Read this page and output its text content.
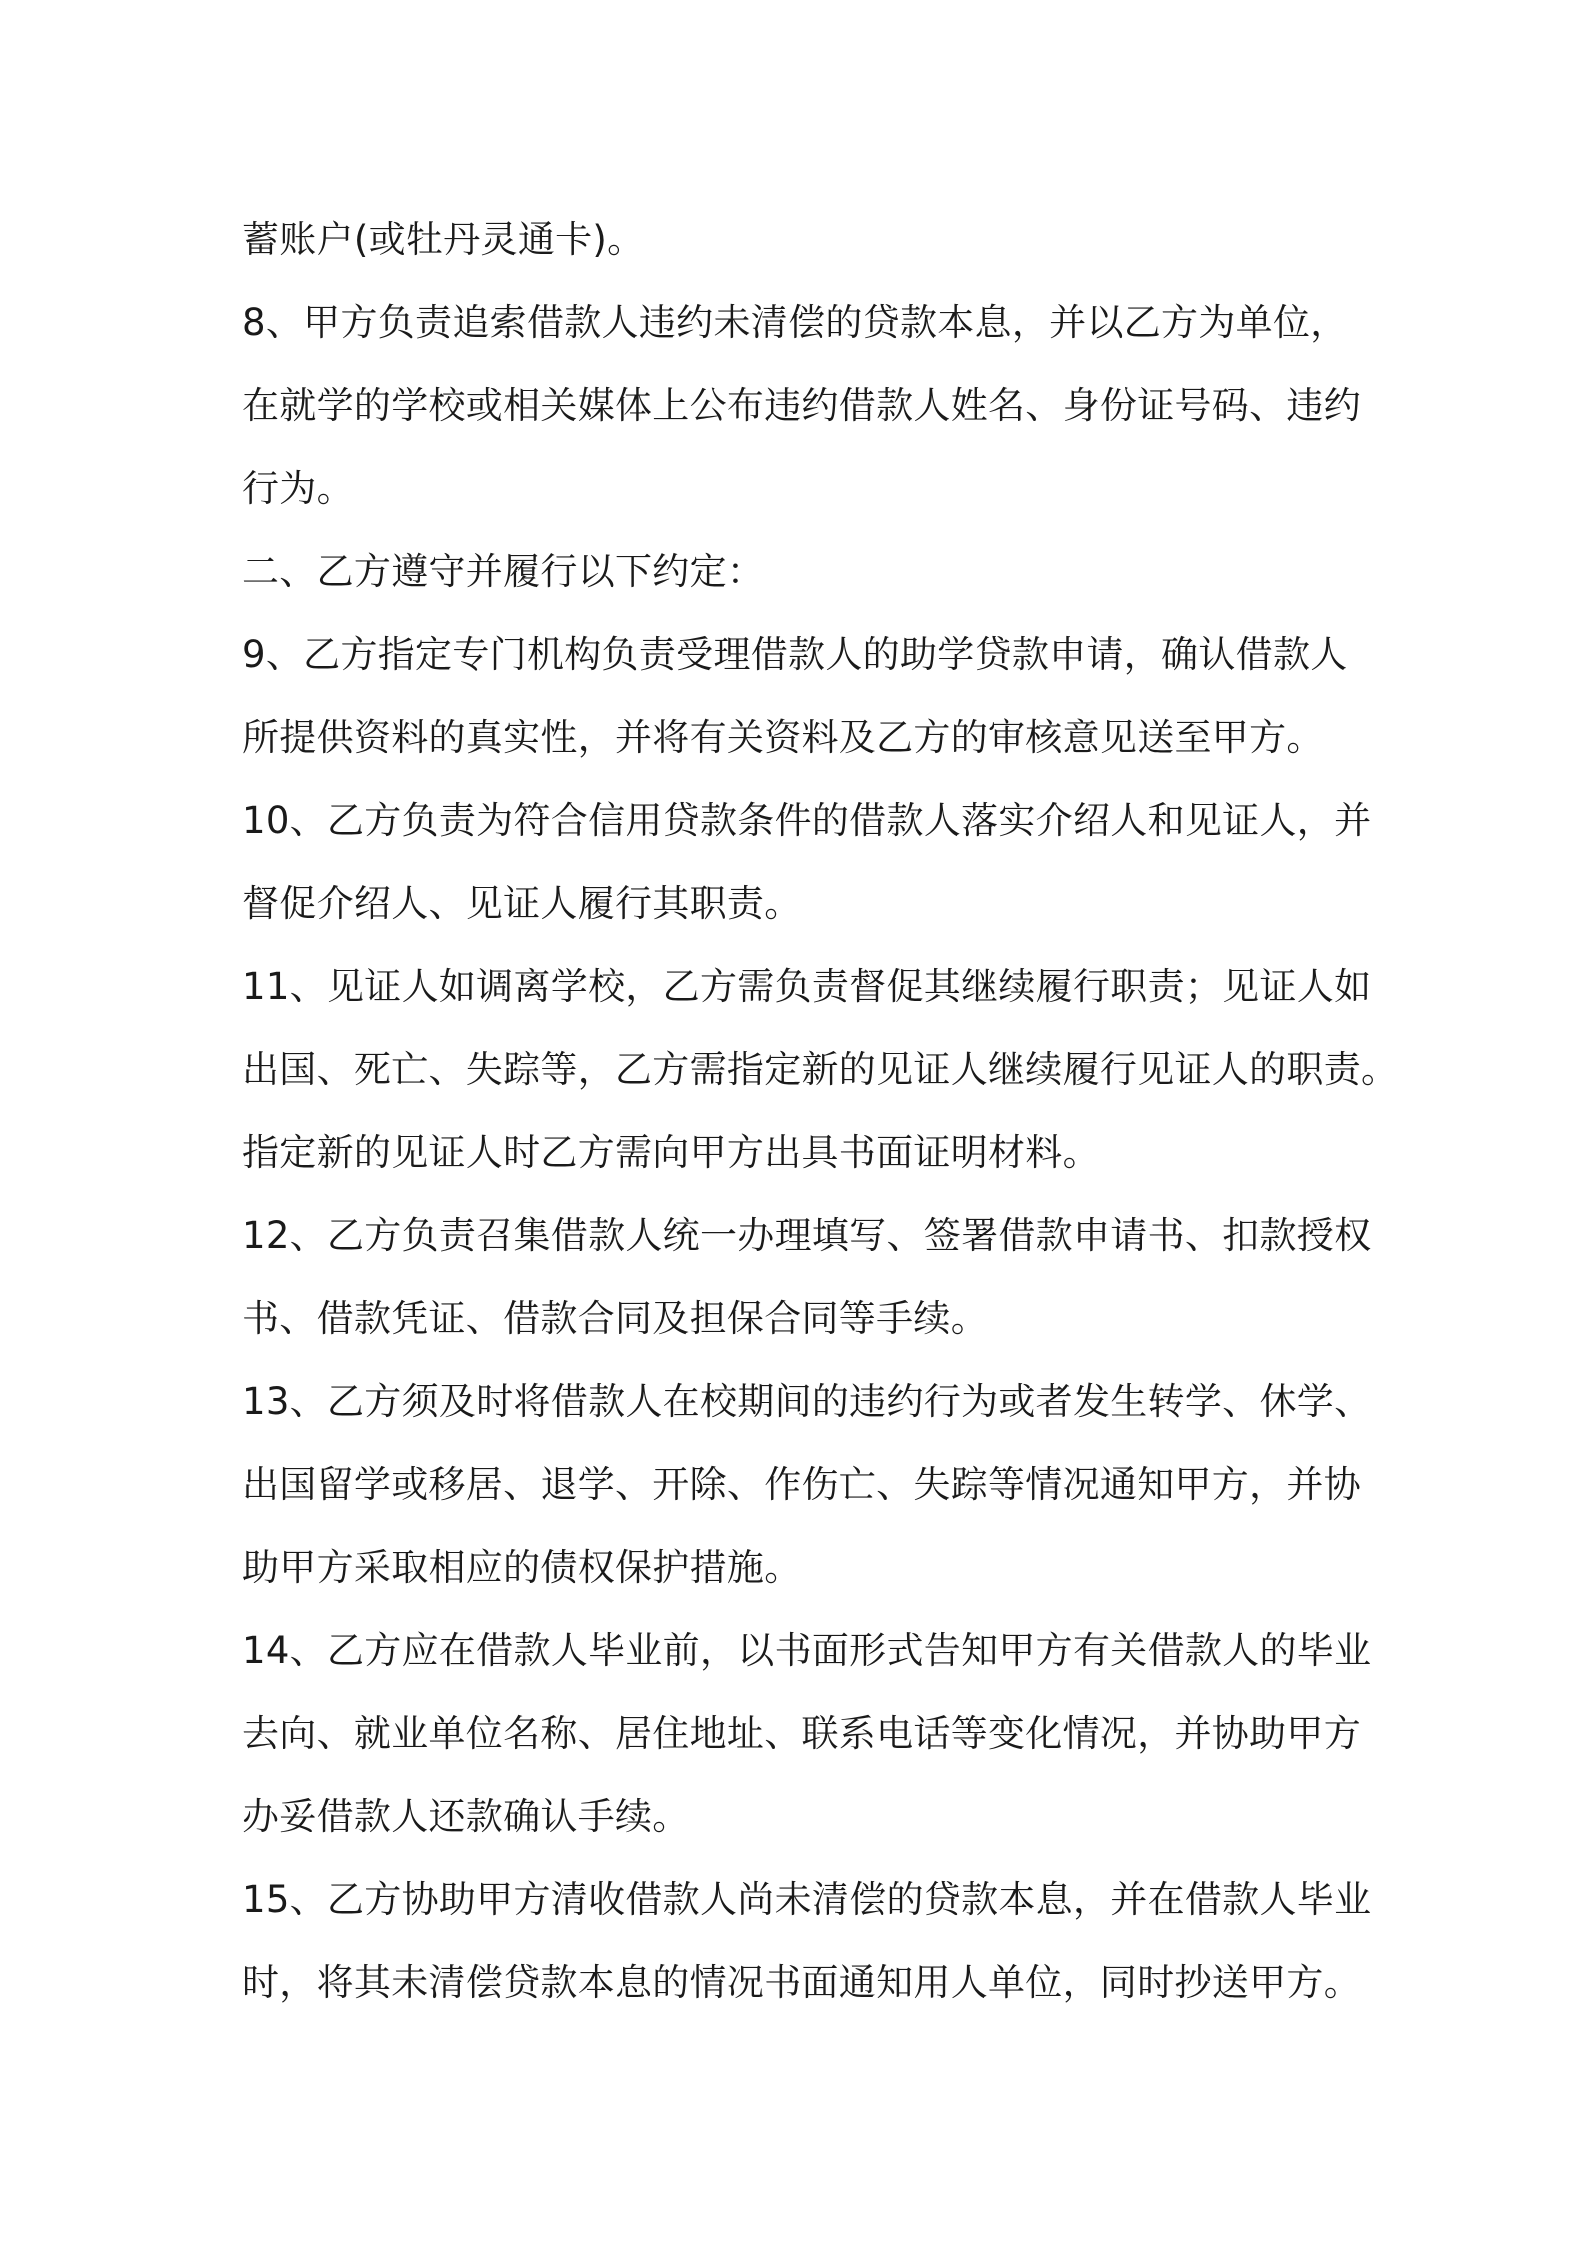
蓄账户(或牡丹灵通卡)。
8、甲方负责追索借款人违约未清偿的贷款本息，并以乙方为单位，
在就学的学校或相关媒体上公布违约借款人姓名、身份证号码、违约
行为。
二、乙方遵守并履行以下约定：
9、乙方指定专门机构负责受理借款人的助学贷款申请，确认借款人
所提供资料的真实性，并将有关资料及乙方的审核意见送至甲方。
10、乙方负责为符合信用贷款条件的借款人落实介绍人和见证人，并
督促介绍人、见证人履行其职责。
11、见证人如调离学校，乙方需负责督促其继续履行职责；见证人如
出国、死亡、失踪等，乙方需指定新的见证人继续履行见证人的职责。
指定新的见证人时乙方需向甲方出具书面证明材料。
12、乙方负责召集借款人统一办理填写、签署借款申请书、扣款授权
书、借款凭证、借款合同及担保合同等手续。
13、乙方须及时将借款人在校期间的违约行为或者发生转学、休学、
出国留学或移居、退学、开除、作伤亡、失踪等情况通知甲方，并协
助甲方采取相应的债权保护措施。
14、乙方应在借款人毕业前，以书面形式告知甲方有关借款人的毕业
去向、就业单位名称、居住地址、联系电话等变化情况，并协助甲方
办妥借款人还款确认手续。
15、乙方协助甲方清收借款人尚未清偿的贷款本息，并在借款人毕业
时，将其未清偿贷款本息的情况书面通知用人单位，同时抄送甲方。
